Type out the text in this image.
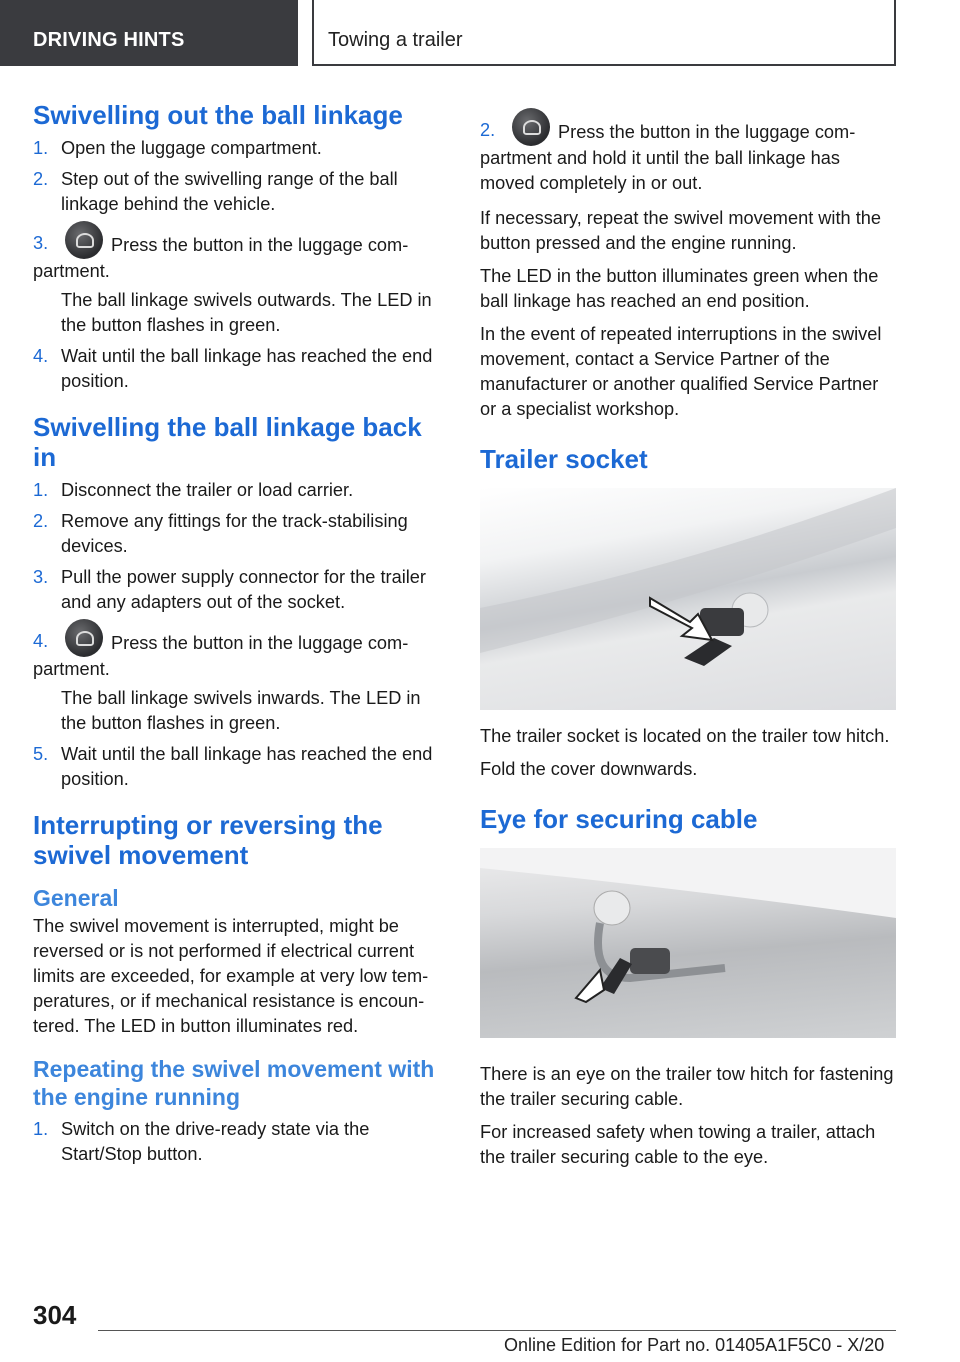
DRIVING HINTS	Towing a trailer
Swivelling out the ball linkage
1. Open the luggage compartment.
2. Step out of the swivelling range of the ball linkage behind the vehicle.
3.	Press the button in the luggage compartment.
The ball linkage swivels outwards. The LED in the button flashes in green.
4. Wait until the ball linkage has reached the end position.
Swivelling the ball linkage back in
1. Disconnect the trailer or load carrier.
2. Remove any fittings for the track-stabilising devices.
3. Pull the power supply connector for the trailer and any adapters out of the socket.
4.	Press the button in the luggage compartment.
The ball linkage swivels inwards. The LED in the button flashes in green.
5. Wait until the ball linkage has reached the end position.
Interrupting or reversing the swivel movement
General

The swivel movement is interrupted, might be reversed or is not performed if electrical current limits are exceeded, for example at very low temperatures, or if mechanical resistance is encountered. The LED in button illuminates red.

Repeating the swivel movement with the engine running
1. Switch on the drive-ready state via the Start/Stop button.
2.	Press the button in the luggage compartment and hold it until the ball linkage has moved completely in or out.

If necessary, repeat the swivel movement with the button pressed and the engine running.

The LED in the button illuminates green when the ball linkage has reached an end position.

In the event of repeated interruptions in the swivel movement, contact a Service Partner of the manufacturer or another qualified Service Partner or a specialist workshop.

Trailer socket

The trailer socket is located on the trailer tow hitch.

Fold the cover downwards.

Eye for securing cable

There is an eye on the trailer tow hitch for fastening the trailer securing cable.

For increased safety when towing a trailer, attach the trailer securing cable to the eye.

304
Online Edition for Part no. 01405A1F5C0 - X/20
